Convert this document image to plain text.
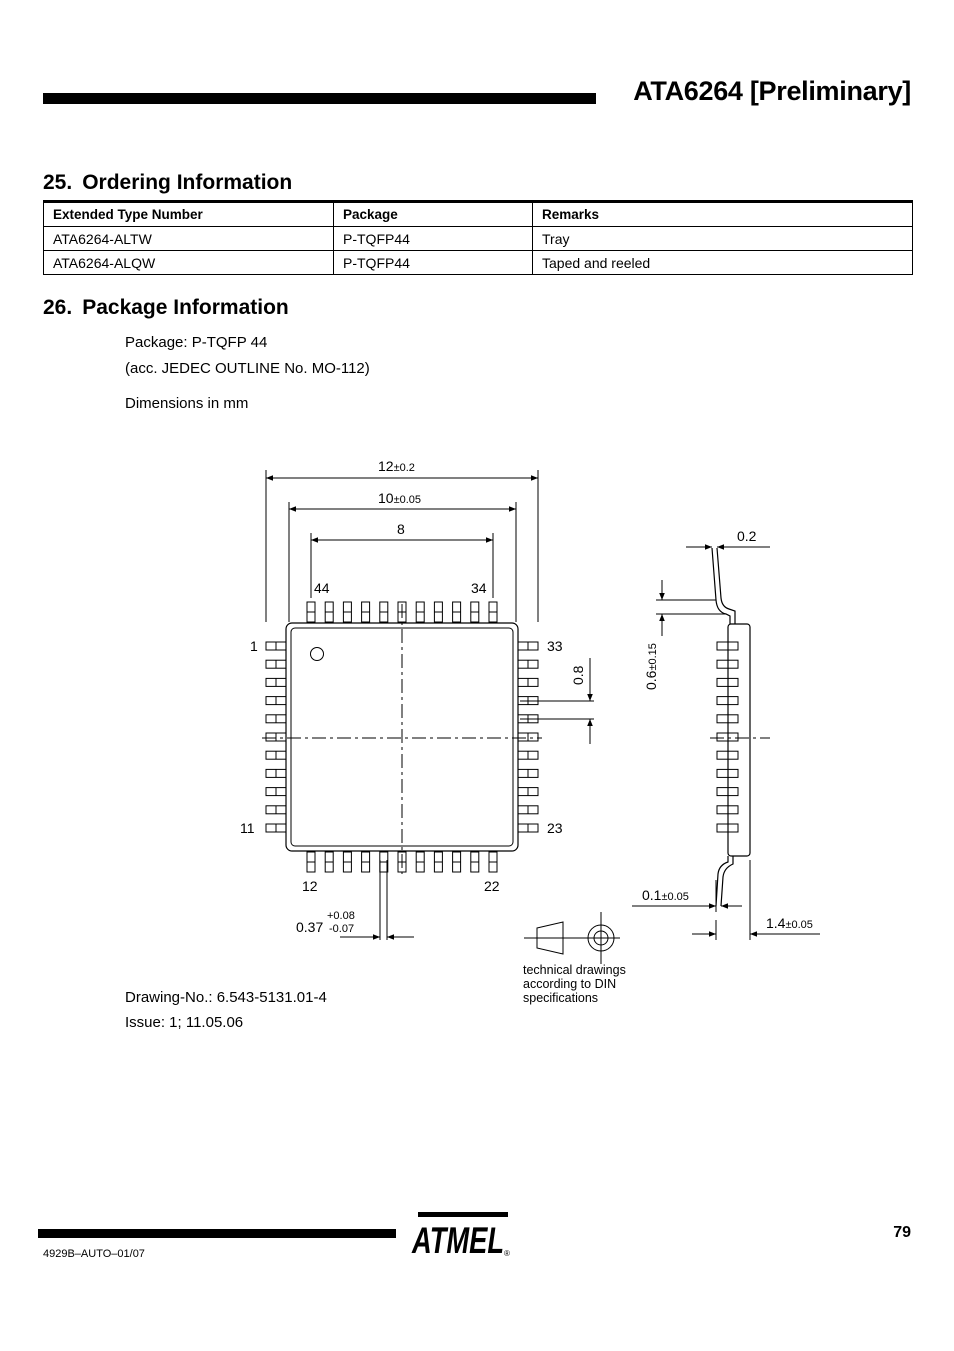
ATA6264 [Preliminary]
25. Ordering Information
Extended Type Number	Package	Remarks
ATA6264-ALTW	P-TQFP44	Tray
ATA6264-ALQW	P-TQFP44	Taped and reeled
26. Package Information
Package: P-TQFP 44
(acc. JEDEC OUTLINE No. MO-112)
Dimensions in mm
12±0.2
10±0.05
8
44	34
1	33
11	23
12	22
0.8
0.37
+0.08
-0.07
0.2
0.6±0.15
0.1±0.05
1.4±0.05
technical drawings
according to DIN
specifications
Drawing-No.: 6.543-5131.01-4
Issue: 1; 11.05.06
ATMEL ®
79
4929B–AUTO–01/07
